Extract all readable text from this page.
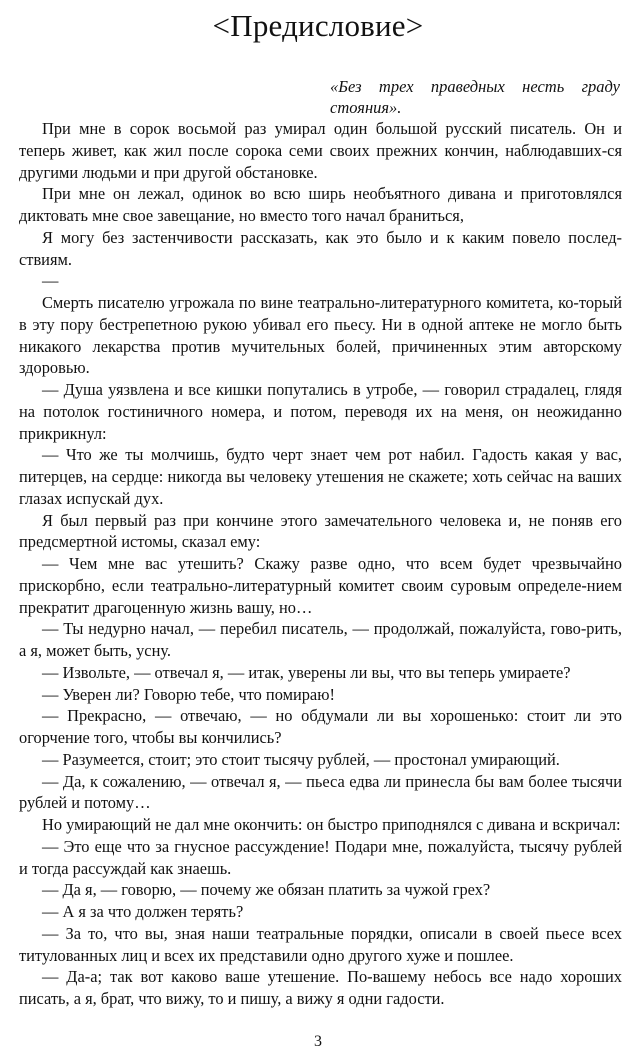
<Предисловие>
«Без трех праведных несть граду стояния».

При мне в сорок восьмой раз умирал один большой русский писатель. Он и теперь живет, как жил после сорока семи своих прежних кончин, наблюдавших-ся другими людьми и при другой обстановке.

При мне он лежал, одинок во всю ширь необъятного дивана и приготовлялся диктовать мне свое завещание, но вместо того начал браниться,

Я могу без застенчивости рассказать, как это было и к каким повело послед-ствиям.

—

Смерть писателю угрожала по вине театрально-литературного комитета, ко-торый в эту пору бестрепетною рукою убивал его пьесу. Ни в одной аптеке не могло быть никакого лекарства против мучительных болей, причиненных этим авторскому здоровью.

— Душа уязвлена и все кишки попутались в утробе, — говорил страдалец, глядя на потолок гостиничного номера, и потом, переводя их на меня, он неожиданно прикрикнул:

— Что же ты молчишь, будто черт знает чем рот набил. Гадость какая у вас, питерцев, на сердце: никогда вы человеку утешения не скажете; хоть сейчас на ваших глазах испускай дух.

Я был первый раз при кончине этого замечательного человека и, не поняв его предсмертной истомы, сказал ему:

— Чем мне вас утешить? Скажу разве одно, что всем будет чрезвычайно прискорбно, если театрально-литературный комитет своим суровым определе-нием прекратит драгоценную жизнь вашу, но…

— Ты недурно начал, — перебил писатель, — продолжай, пожалуйста, гово-рить, а я, может быть, усну.

— Извольте, — отвечал я, — итак, уверены ли вы, что вы теперь умираете?

— Уверен ли? Говорю тебе, что помираю!

— Прекрасно, — отвечаю, — но обдумали ли вы хорошенько: стоит ли это огорчение того, чтобы вы кончились?

— Разумеется, стоит; это стоит тысячу рублей, — простонал умирающий.

— Да, к сожалению, — отвечал я, — пьеса едва ли принесла бы вам более тысячи рублей и потому…

Но умирающий не дал мне окончить: он быстро приподнялся с дивана и вскричал:

— Это еще что за гнусное рассуждение! Подари мне, пожалуйста, тысячу рублей и тогда рассуждай как знаешь.

— Да я, — говорю, — почему же обязан платить за чужой грех?

— А я за что должен терять?

— За то, что вы, зная наши театральные порядки, описали в своей пьесе всех титулованных лиц и всех их представили одно другого хуже и пошлее.

— Да-а; так вот каково ваше утешение. По-вашему небось все надо хороших писать, а я, брат, что вижу, то и пишу, а вижу я одни гадости.

3
